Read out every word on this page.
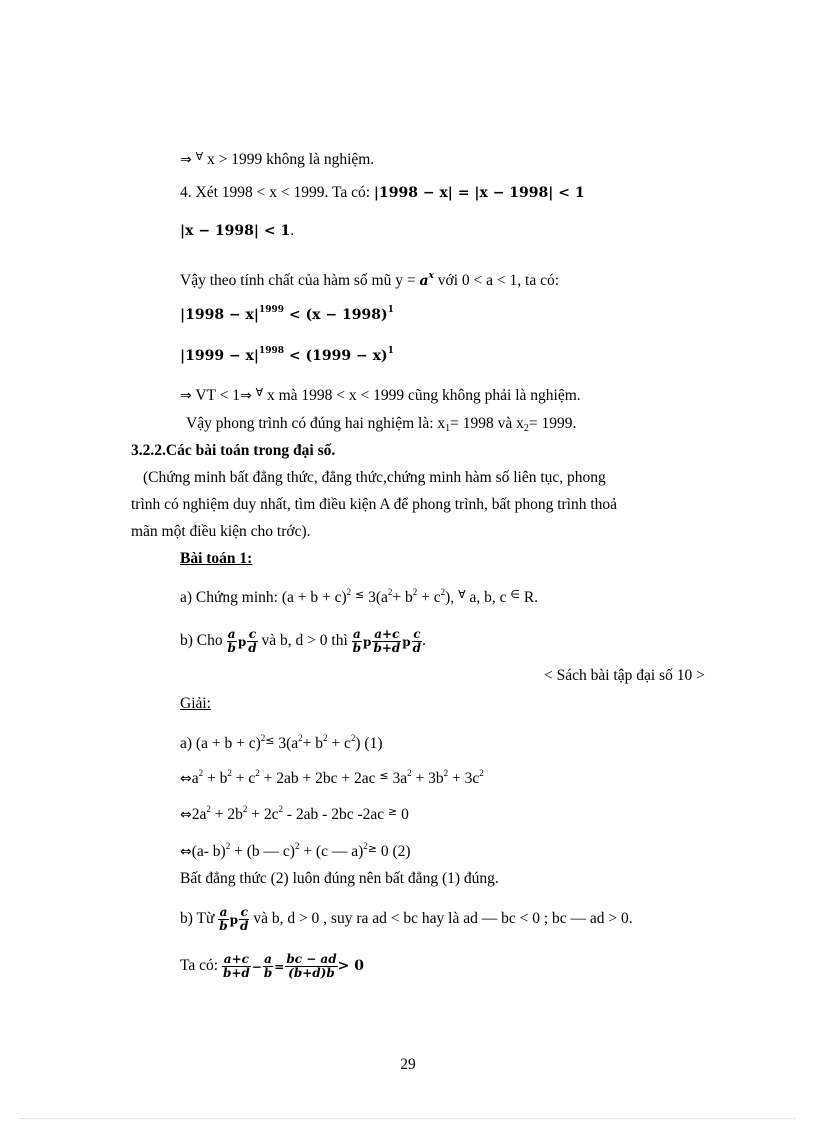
⇒ ∀ x > 1999 không là nghiệm.
4. Xét 1998 < x < 1999. Ta có: |1998 − x| = |x − 1998| < 1
|x − 1998| < 1.
Vậy theo tính chất của hàm số mũ $y = a^x$ với 0 < a < 1, ta có:
$|1998 - x|^{1999} < (x - 1998)^1$
$|1999 - x|^{1998} < (1999 - x)^1$
⇒ VT < 1⇒ ∀ x mà 1998 < x < 1999 cũng không phải là nghiệm.
Vậy phong trình có đúng hai nghiệm là: $x_1= 1998$ và $x_2= 1999$.
3.2.2.Các bài toán trong đại số.
(Chứng minh bất đẳng thức, đẳng thức,chứng minh hàm số liên tục, phong
trình có nghiệm duy nhất, tìm điều kiện A để phong trình, bất phong trình thoả
mãn một điều kiện cho trớc).
Bài toán 1:
a) Chứng minh: $(a + b + c)^2$ ≤ $3(a^2+ b^2 + c^2)$, ∀ a, b, c ∈ R.
b) Cho $\frac{a}{b}$ p $\frac{c}{d}$ và b, d > 0 thì $\frac{a}{b}$ p $\frac{a+c}{b+d}$ p $\frac{c}{d}$ .
< Sách bài tập đại số 10 >
Giải:
a) $(a + b + c)^{2\le}$ $3(a^2+ b^2 + c^2)$ (1)
$\Leftrightarrow a^2 + b^2 + c^2 + 2ab + 2bc + 2ac$ ≤ $3a^2 + 3b^2 + 3c^2$
$\Leftrightarrow 2a^2 + 2b^2 + 2c^2 - 2ab - 2bc$ -2ac ≥ 0
⇔(a- b)$^2$ + (b — c)$^2$ + (c — a)$^{2\ge}$ 0 (2)
Bất đẳng thức (2) luôn đúng nên bất đẳng (1) đúng.
b) Từ $\frac{a}{b}$ p $\frac{c}{d}$ và b, d > 0 , suy ra ad < bc hay là ad — bc < 0 ; bc — ad > 0.
Ta có: $\frac{a+c}{b+d} - \frac{a}{b} = \frac{bc - ad}{(b+d)b} > 0$
29
